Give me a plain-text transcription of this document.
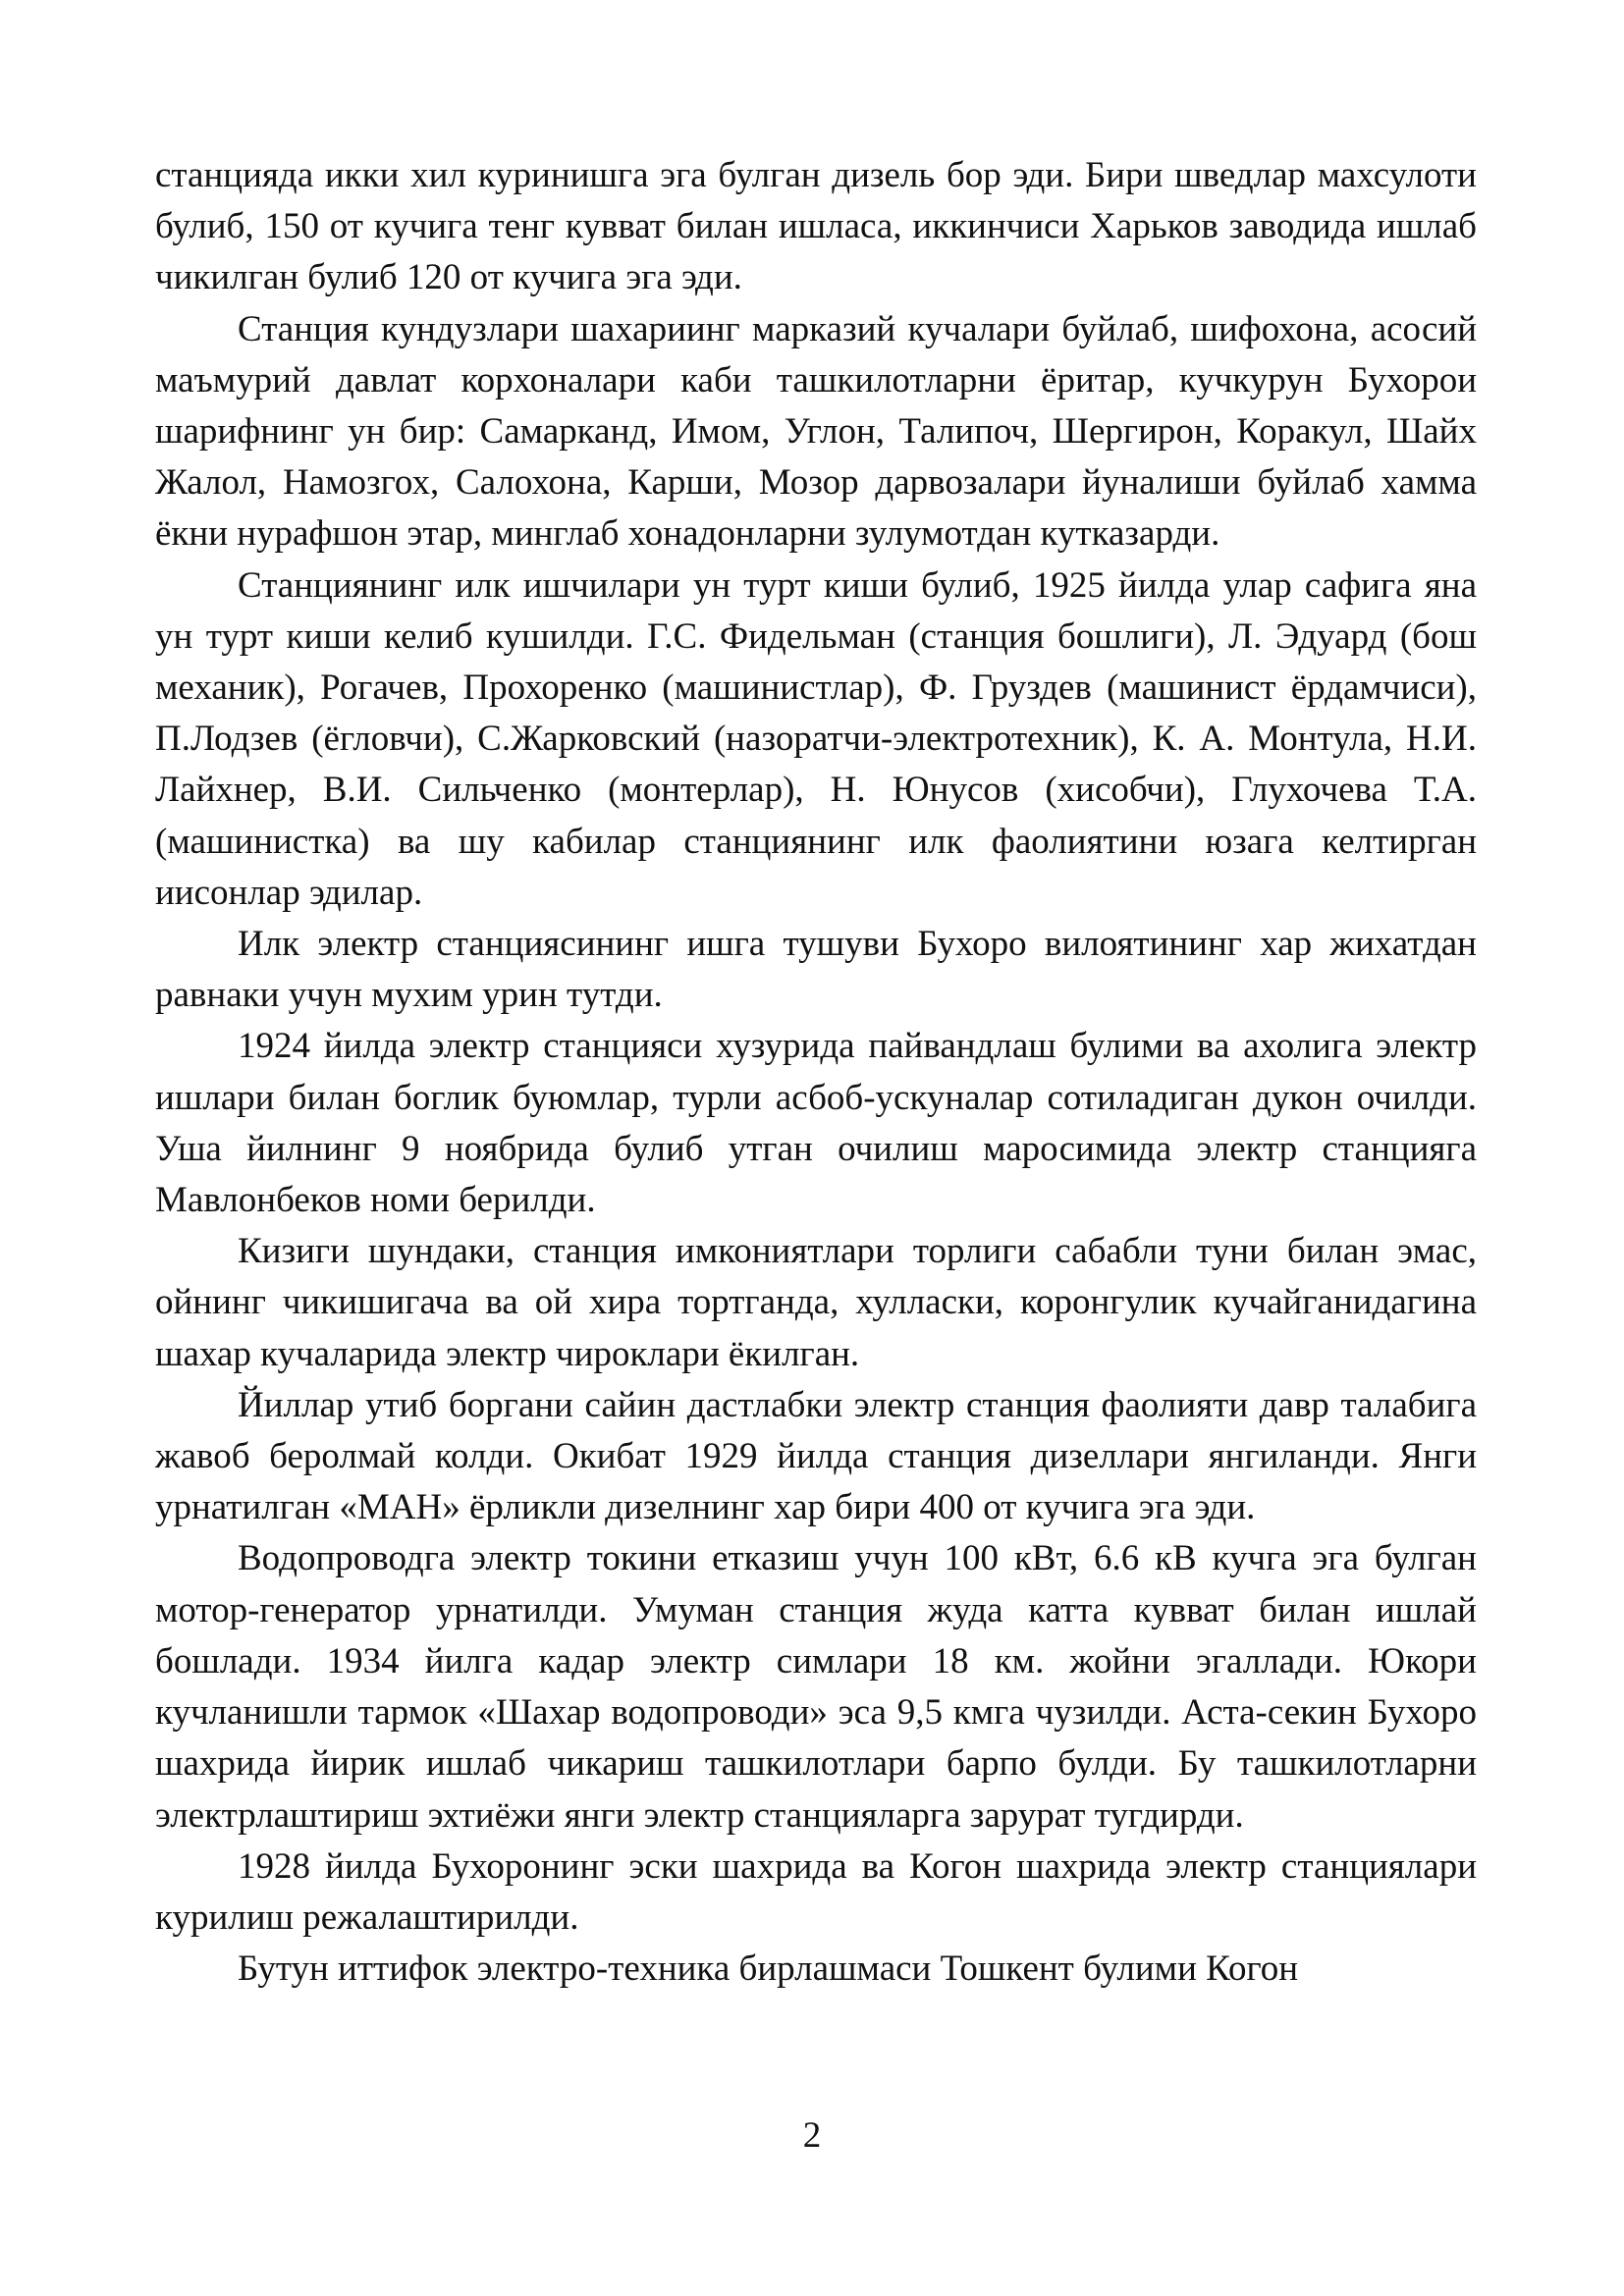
станцияда икки хил куринишга эга булган дизель бор эди. Бири шведлар махсулоти булиб, 150 от кучига тенг кувват билан ишласа, иккинчиси Харьков заводида ишлаб чикилган булиб 120 от кучига эга эди.

Станция кундузлари шахариинг марказий кучалари буйлаб, шифохона, асосий маъмурий давлат корхоналари каби ташкилотларни ёритар, кучкурун Бухорои шарифнинг ун бир: Самарканд, Имом, Углон, Талипоч, Шергирон, Коракул, Шайх Жалол, Намозгох, Салохона, Карши, Мозор дарвозалари йуналиши буйлаб хамма ёкни нурафшон этар, минглаб хонадонларни зулумотдан кутказарди.

Станциянинг илк ишчилари ун турт киши булиб, 1925 йилда улар сафига яна ун турт киши келиб кушилди. Г.С. Фидельман (станция бошлиги), Л. Эдуард (бош механик), Рогачев, Прохоренко (машинистлар), Ф. Груздев (машинист ёрдамчиси), П.Лодзев (ёгловчи), С.Жарковский (назоратчи-электротехник), К. А. Монтула, Н.И. Лайхнер, В.И. Сильченко (монтерлар), Н. Юнусов (хисобчи), Глухочева Т.А. (машинистка) ва шу кабилар станциянинг илк фаолиятини юзага келтирган иисонлар эдилар.

Илк электр станциясининг ишга тушуви Бухоро вилоятининг хар жихатдан равнаки учун мухим урин тутди.

1924 йилда электр станцияси хузурида пайвандлаш булими ва ахолига электр ишлари билан боглик буюмлар, турли асбоб-ускуналар сотиладиган дукон очилди. Уша йилнинг 9 ноябрида булиб утган очилиш маросимида электр станцияга Мавлонбеков номи берилди.

Кизиги шундаки, станция имкониятлари торлиги сабабли туни билан эмас, ойнинг чикишигача ва ой хира тортганда, хулласки, коронгулик кучайганидагина шахар кучаларида электр чироклари ёкилган.

Йиллар утиб боргани сайин дастлабки электр станция фаолияти давр талабига жавоб беролмай колди. Окибат 1929 йилда станция дизеллари янгиланди. Янги урнатилган «МАН» ёрликли дизелнинг хар бири 400 от кучига эга эди.

Водопроводга электр токини етказиш учун 100 кВт, 6.6 кВ кучга эга булган мотор-генератор урнатилди. Умуман станция жуда катта кувват билан ишлай бошлади. 1934 йилга кадар электр симлари 18 км. жойни эгаллади. Юкори кучланишли тармок «Шахар водопроводи» эса 9,5 кмга чузилди. Аста-секин Бухоро шахрида йирик ишлаб чикариш ташкилотлари барпо булди. Бу ташкилотларни электрлаштириш эхтиёжи янги электр станцияларга зарурат тугдирди.

1928 йилда Бухоронинг эски шахрида ва Когон шахрида электр станциялари курилиш режалаштирилди.

Бутун иттифок электро-техника бирлашмаси Тошкент булими Когон

2
